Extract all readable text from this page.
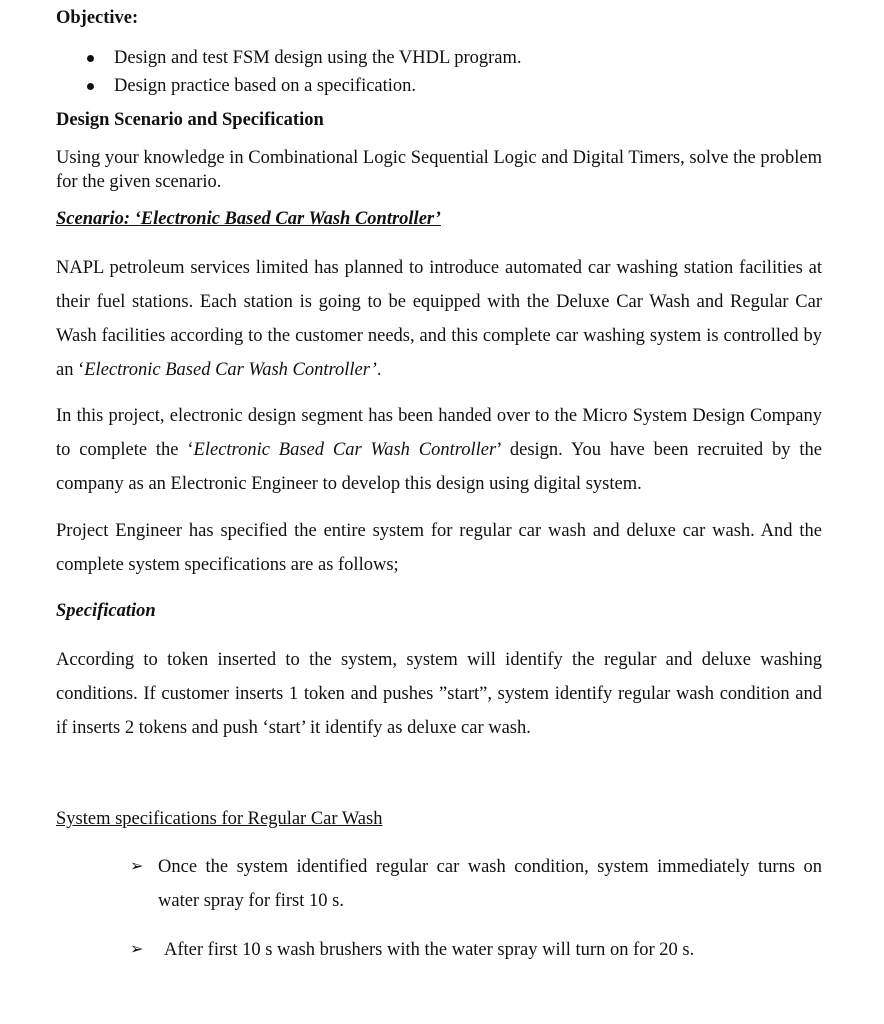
Objective:

Design and test FSM design using the VHDL program.
Design practice based on a specification.

Design Scenario and Specification

Using your knowledge in Combinational Logic Sequential Logic and Digital Timers, solve the problem for the given scenario.

Scenario: ‘Electronic Based Car Wash Controller’

NAPL petroleum services limited has planned to introduce automated car washing station facilities at their fuel stations. Each station is going to be equipped with the Deluxe Car Wash and Regular Car Wash facilities according to the customer needs, and this complete car washing system is controlled by an ‘Electronic Based Car Wash Controller’.

In this project, electronic design segment has been handed over to the Micro System Design Company to complete the ‘Electronic Based Car Wash Controller’ design. You have been recruited by the company as an Electronic Engineer to develop this design using digital system.

Project Engineer has specified the entire system for regular car wash and deluxe car wash. And the complete system specifications are as follows;

Specification

According to token inserted to the system, system will identify the regular and deluxe washing conditions. If customer inserts 1 token and pushes ”start”, system identify regular wash condition and if inserts 2 tokens and push ‘start’ it identify as deluxe car wash.

System specifications for Regular Car Wash

➢ Once the system identified regular car wash condition, system immediately turns on water spray for first 10 s.
➢	After first 10 s wash brushers with the water spray will turn on for 20 s.
